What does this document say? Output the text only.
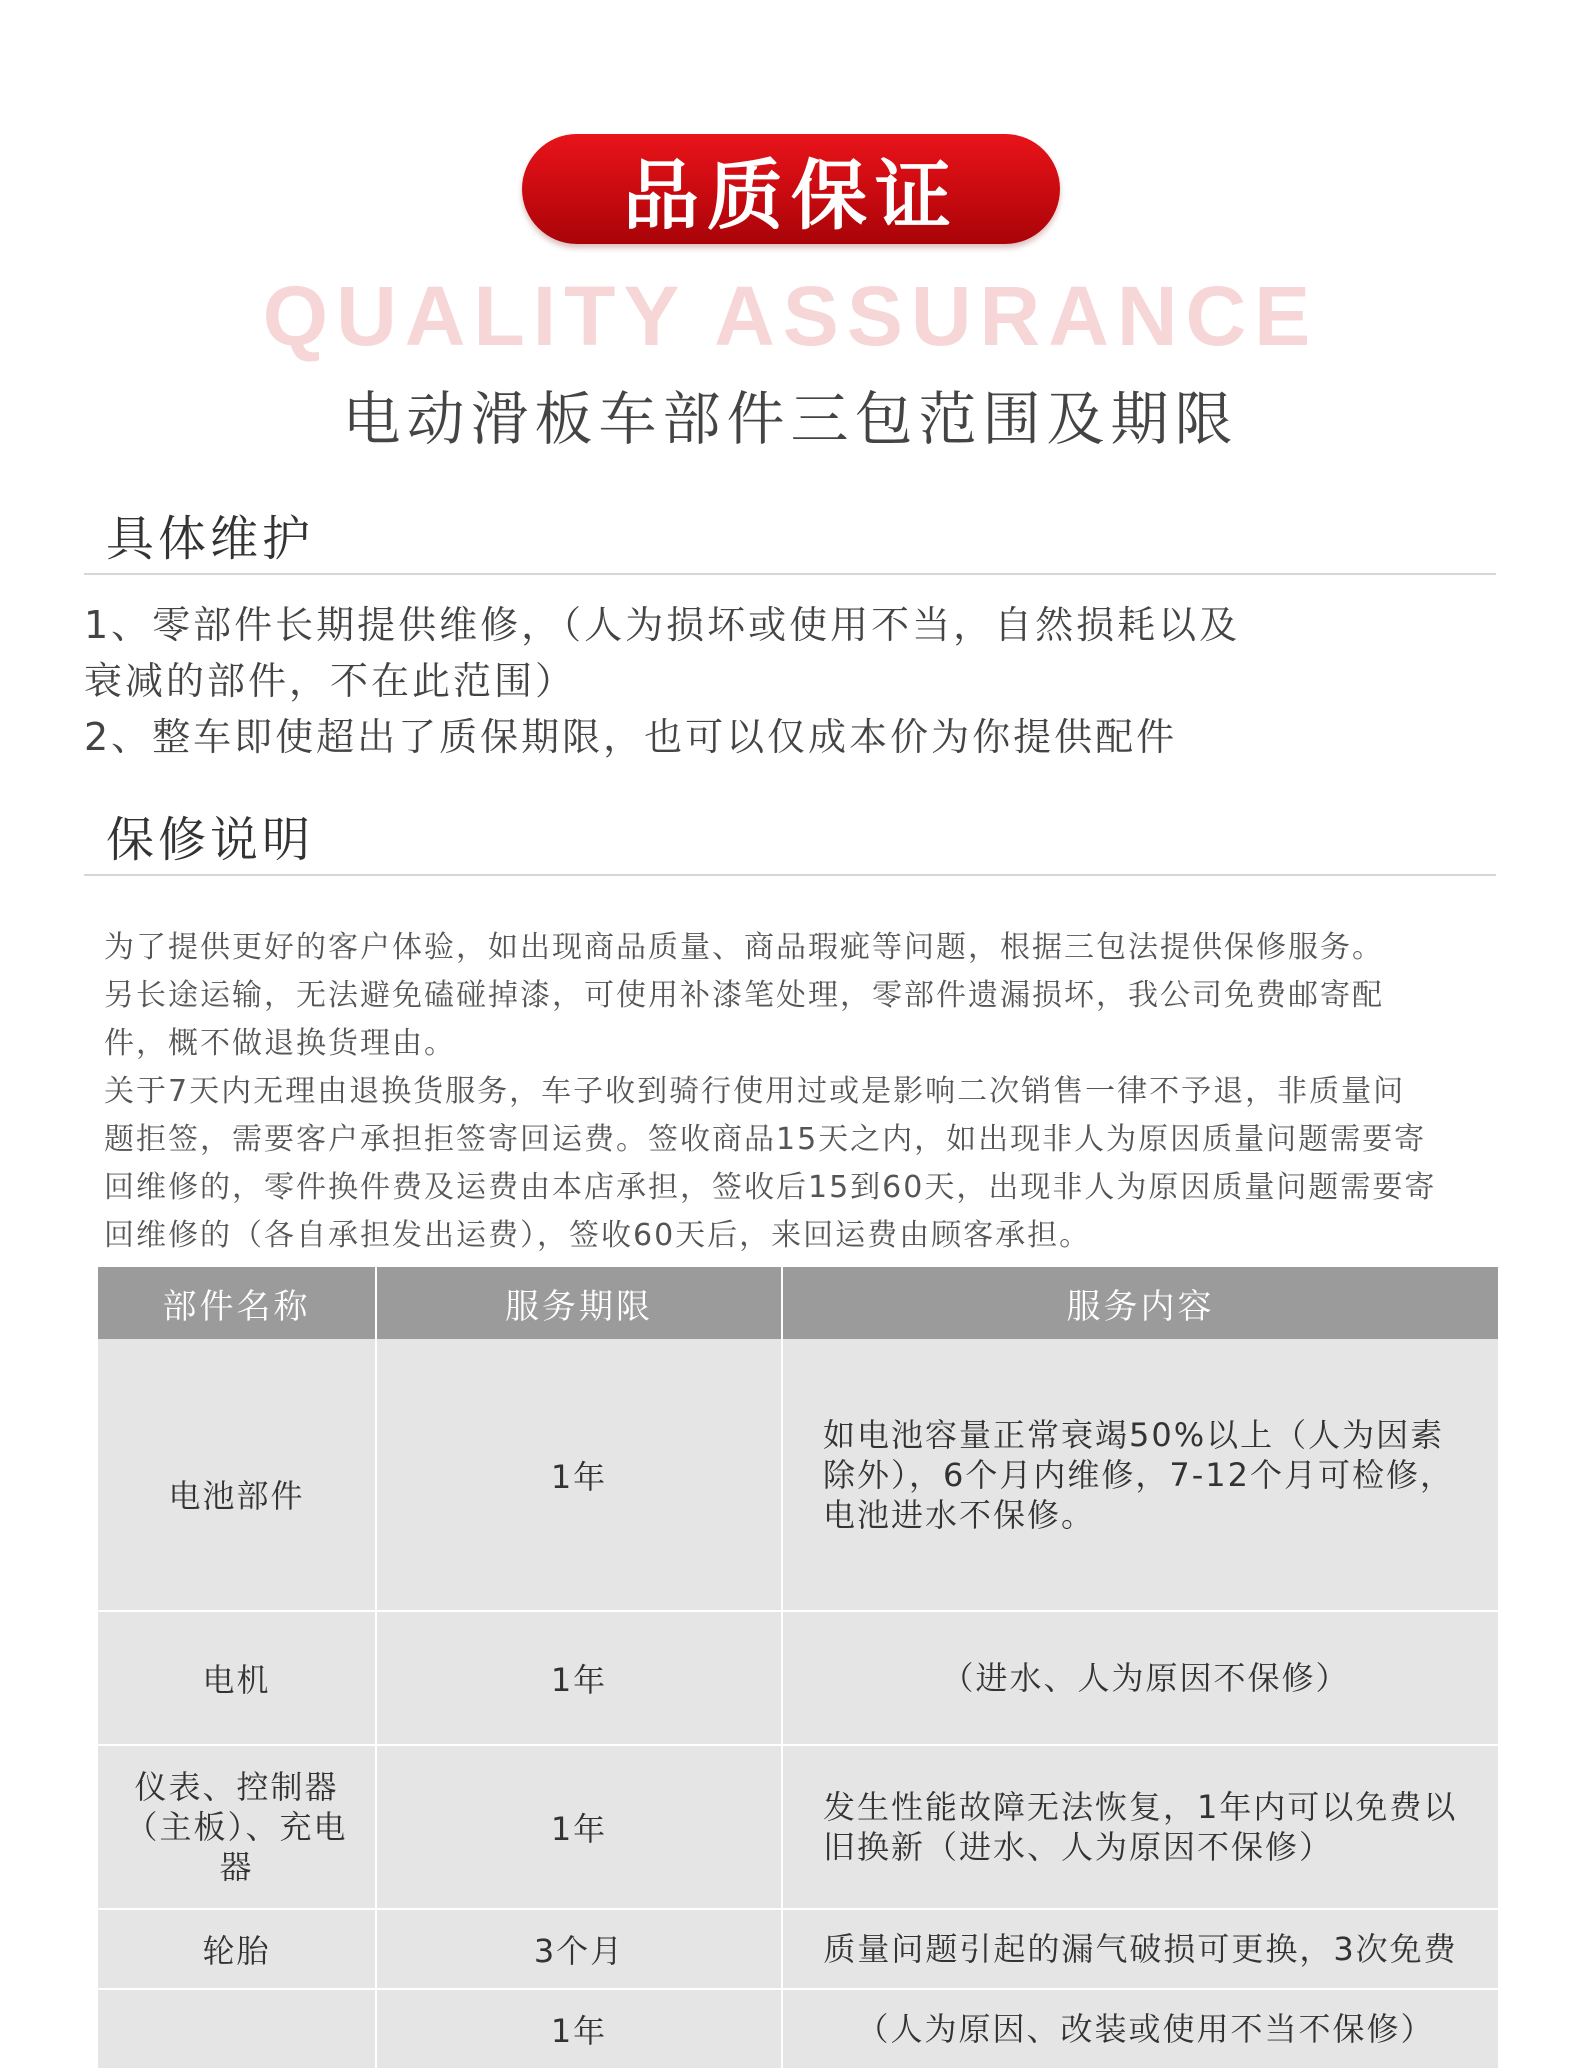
品质保证
QUALITY ASSURANCE
电动滑板车部件三包范围及期限
具体维护
1、零部件长期提供维修，（人为损坏或使用不当，自然损耗以及
衰减的部件，不在此范围）
2、整车即使超出了质保期限，也可以仅成本价为你提供配件
保修说明
为了提供更好的客户体验，如出现商品质量、商品瑕疵等问题，根据三包法提供保修服务。
另长途运输，无法避免磕碰掉漆，可使用补漆笔处理，零部件遗漏损坏，我公司免费邮寄配
件，概不做退换货理由。
关于7天内无理由退换货服务，车子收到骑行使用过或是影响二次销售一律不予退，非质量问
题拒签，需要客户承担拒签寄回运费。签收商品15天之内，如出现非人为原因质量问题需要寄
回维修的，零件换件费及运费由本店承担，签收后15到60天，出现非人为原因质量问题需要寄
回维修的（各自承担发出运费），签收60天后，来回运费由顾客承担。
部件名称	服务期限	服务内容
电池部件	1年	如电池容量正常衰竭50%以上（人为因素除外），6个月内维修，7-12个月可检修，电池进水不保修。
电机	1年	（进水、人为原因不保修）
仪表、控制器（主板）、充电器	1年	发生性能故障无法恢复，1年内可以免费以旧换新（进水、人为原因不保修）
轮胎	3个月	质量问题引起的漏气破损可更换，3次免费
	1年	（人为原因、改装或使用不当不保修）
